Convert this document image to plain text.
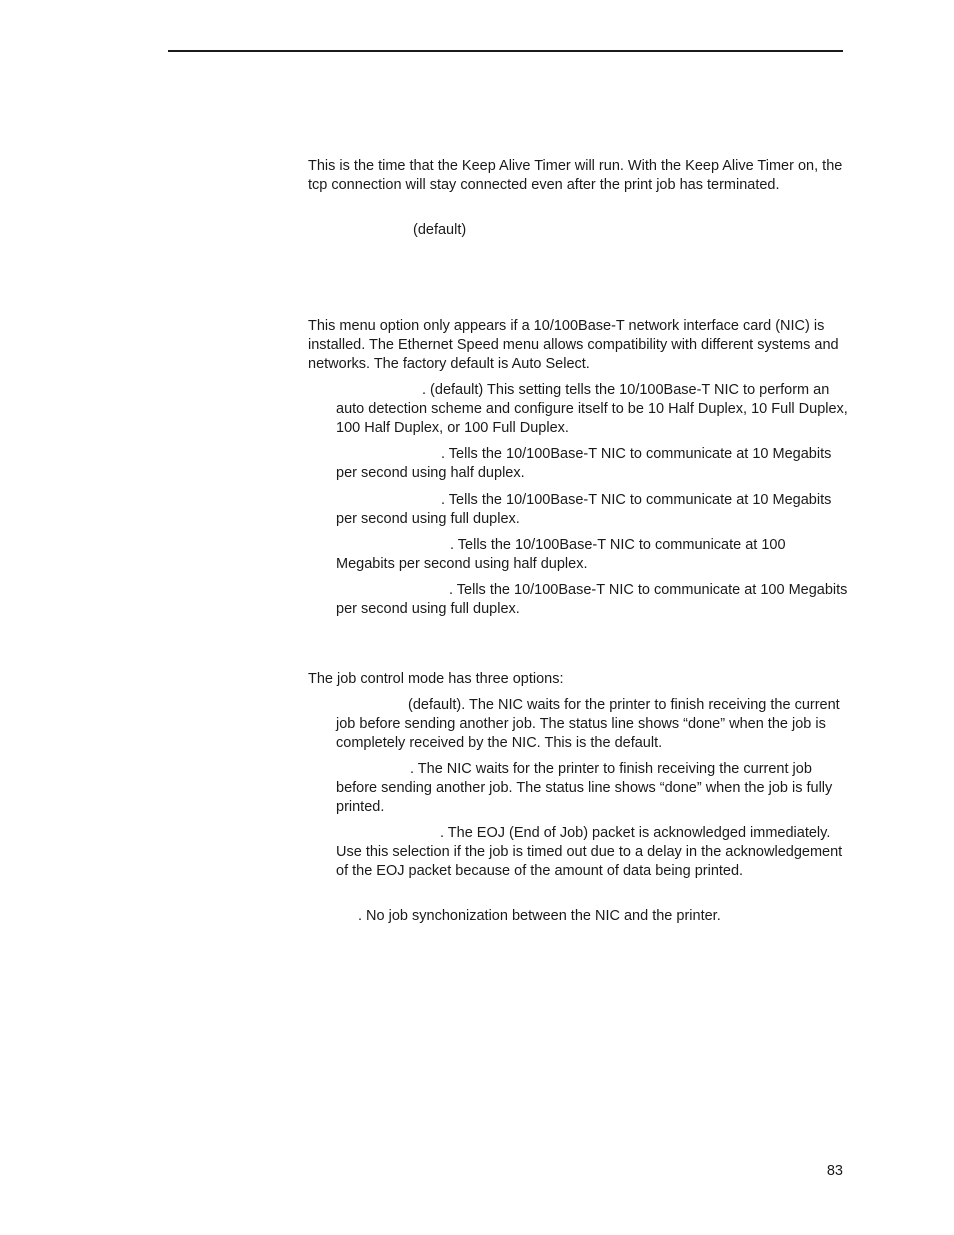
This is the time that the Keep Alive Timer will run. With the Keep Alive Timer on, the tcp connection will stay connected even after the print job has terminated.

(default)

This menu option only appears if a 10/100Base-T network interface card (NIC) is installed. The Ethernet Speed menu allows compatibility with different systems and networks. The factory default is Auto Select.

. (default) This setting tells the 10/100Base-T NIC to perform an auto detection scheme and configure itself to be 10 Half Duplex, 10 Full Duplex, 100 Half Duplex, or 100 Full Duplex.

. Tells the 10/100Base-T NIC to communicate at 10 Megabits per second using half duplex.

. Tells the 10/100Base-T NIC to communicate at 10 Megabits per second using full duplex.

. Tells the 10/100Base-T NIC to communicate at 100 Megabits per second using half duplex.

. Tells the 10/100Base-T NIC to communicate at 100 Megabits per second using full duplex.

The job control mode has three options:

(default). The NIC waits for the printer to finish receiving the current job before sending another job. The status line shows “done” when the job is completely received by the NIC. This is the default.

. The NIC waits for the printer to finish receiving the current job before sending another job. The status line shows “done” when the job is fully printed.

. The EOJ (End of Job) packet is acknowledged immediately. Use this selection if the job is timed out due to a delay in the acknowledgement of the EOJ packet because of the amount of data being printed.

. No job synchonization between the NIC and the printer.

83
